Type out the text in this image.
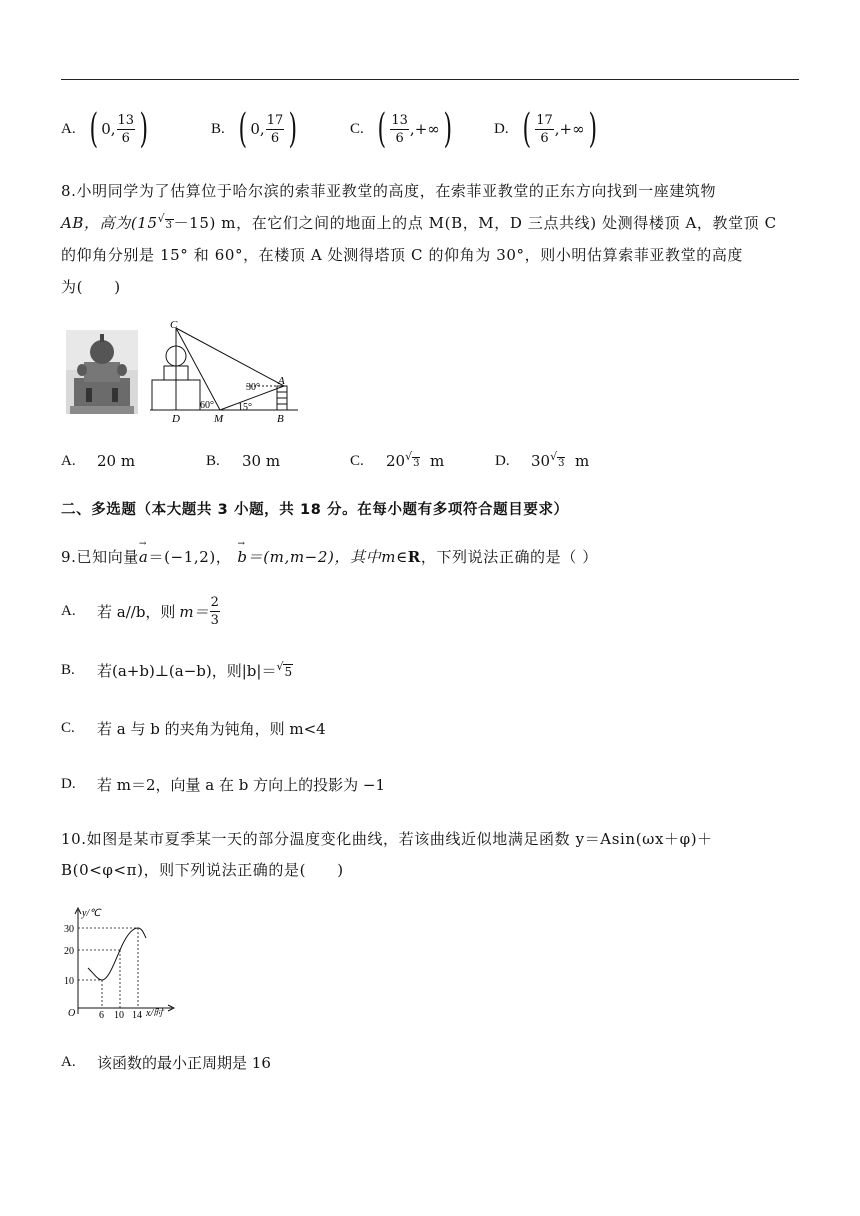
A. ( 0 , $\frac{13}{6}$ )	B. ( 0 , $\frac{17}{6}$ )	C. ( $\frac{13}{6}$ , +∞ )	D. ( $\frac{17}{6}$ , +∞ )
8.小明同学为了估算位于哈尔滨的索菲亚教堂的高度，在索菲亚教堂的正东方向找到一座建筑物
AB，高为(15 √
3－15) m，在它们之间的地面上的点 M(B，M，D 三点共线) 处测得楼顶 A，教堂顶 C
的仰角分别是 15° 和 60°，在楼顶 A 处测得塔顶 C 的仰角为 30°，则小明估算索菲亚教堂的高度
为(　　)
C
A
D	M	B
60° 15°
30°
A.	20 m	B.	30 m	C.	20 √
3 m	D.	30 √
3 m
二、多选题（本大题共 3 小题，共 18 分。在每小题有多项符合题目要求）
9.已知向量→ a＝(−1,2)，→ b＝(m,m−2)，其中m∈R，下列说法正确的是（ ）
A.	若 a//b，则 $m= \frac{2}{3}$
B.	若(a+b)⊥(a−b)，则|b|＝ √ 5
C.	若 a 与 b 的夹角为钝角，则 m<4
D.	若 m＝2，向量 a 在 b 方向上的投影为 −1
10.如图是某市夏季某一天的部分温度变化曲线，若该曲线近似地满足函数 y＝Asin(ωx＋φ)＋
B(0<φ<π)，则下列说法正确的是(　　)
y/℃
x/时
O
10
20
30
6 10 14
A.	该函数的最小正周期是 16
